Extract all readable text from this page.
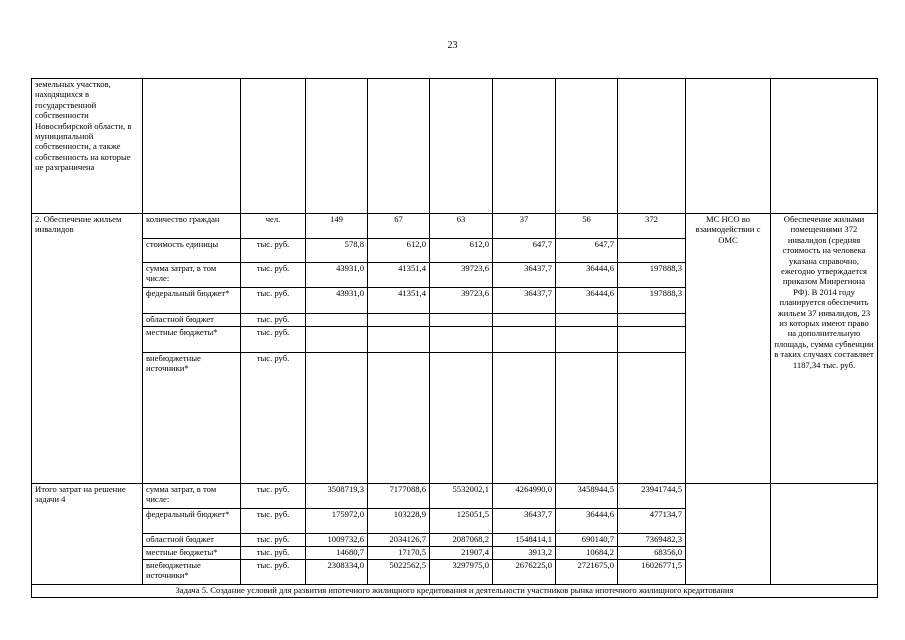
23
земельных участков, находящихся в государственной собственности Новосибирской области, в муниципальной собственности, а также собственность на которые не разграничена										
2. Обеспечение жильем инвалидов	количество граждан	чел.	149	67	63	37	56	372	МС НСО во взаимодействии с ОМС	Обеспечение жилыми помещениями 372 инвалидов (средняя стоимость на человека указана справочно, ежегодно утверждается приказом Минрегиона РФ). В 2014 году планируется обеспечить жильем 37 инвалидов, 23 из которых имеют право на дополнительную площадь, сумма субвенции в таких случаях составляет 1187,34 тыс. руб.
	стоимость единицы	тыс. руб.	578,8	612,0	612,0	647,7	647,7			
	сумма затрат, в том числе:	тыс. руб.	43931,0	41351,4	39723,6	36437,7	36444,6	197888,3		
	федеральный бюджет*	тыс. руб.	43931,0	41351,4	39723,6	36437,7	36444,6	197888,3		
	областной бюджет	тыс. руб.								
	местные бюджеты*	тыс. руб.								
	внебюджетные источники*	тыс. руб.								
Итого затрат на решение задачи 4	сумма затрат, в том числе:	тыс. руб.	3508719,3	7177088,6	5532002,1	4264990,0	3458944,5	23941744,5		
	федеральный бюджет*	тыс. руб.	175972,0	103228,9	125051,5	36437,7	36444,6	477134,7		
	областной бюджет	тыс. руб.	1009732,6	2034126,7	2087068,2	1548414,1	690140,7	7369482,3		
	местные бюджеты*	тыс. руб.	14680,7	17170,5	21907,4	3913,2	10684,2	68356,0		
	внебюджетные источники*	тыс. руб.	2308334,0	5022562,5	3297975,0	2676225,0	2721675,0	16026771,5		
Задача 5. Создание условий для развития ипотечного жилищного кредитования и деятельности участников рынка ипотечного жилищного кредитования										
